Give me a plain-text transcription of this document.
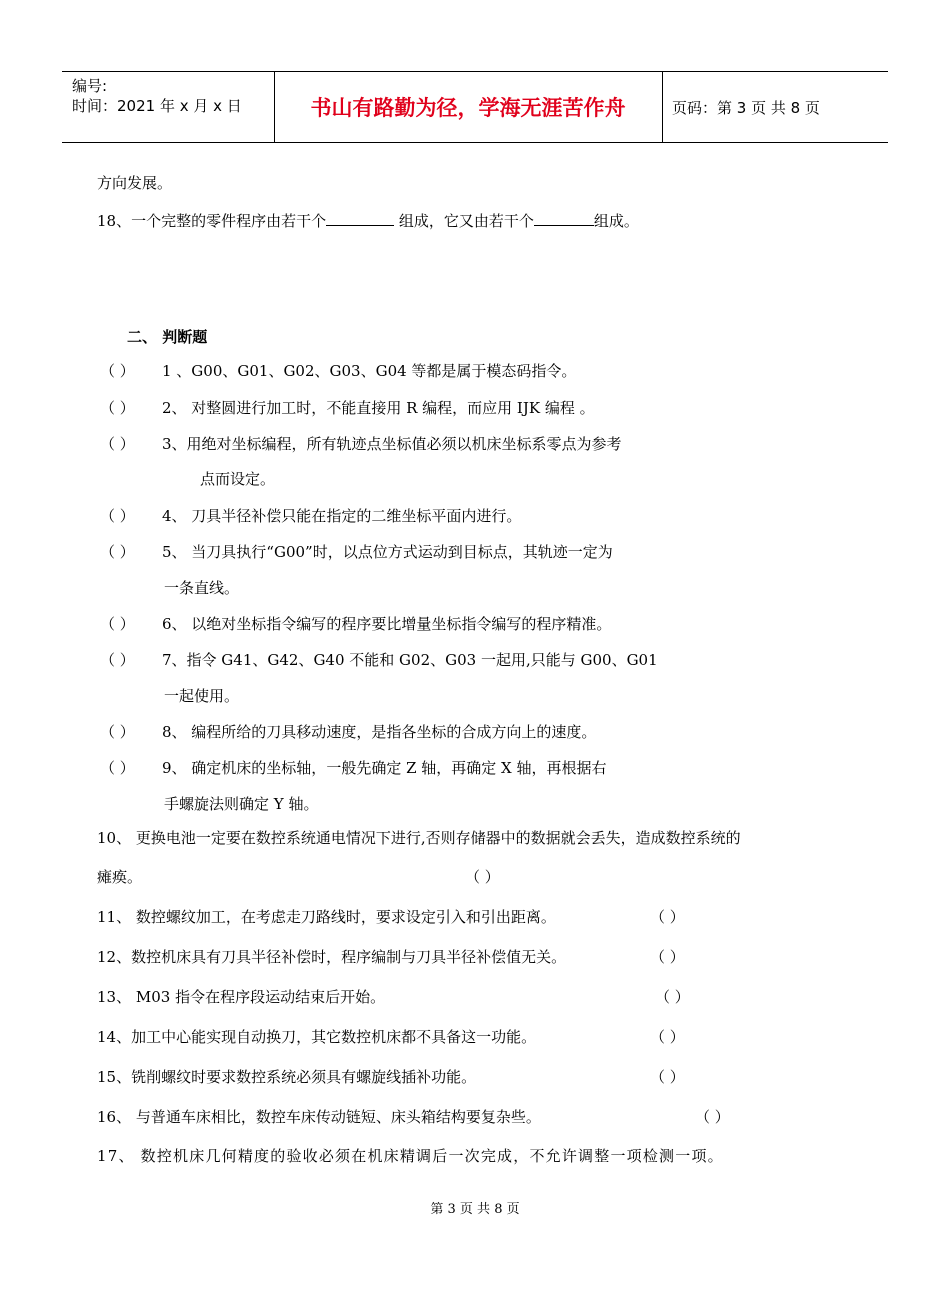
编号:
时间：2021 年 x 月 x 日	书山有路勤为径，学海无涯苦作舟	页码：第 3 页 共 8 页
方向发展。
18、一个完整的零件程序由若干个	组成，它又由若干个	组成。
二、 判断题
（ ） 1 、G00、G01、G02、G03、G04 等都是属于模态码指令。
（ ） 2、 对整圆进行加工时，不能直接用 R 编程，而应用 IJK 编程 。
（ ） 3、用绝对坐标编程，所有轨迹点坐标值必须以机床坐标系零点为参考
点而设定。
（ ） 4、 刀具半径补偿只能在指定的二维坐标平面内进行。
（ ） 5、 当刀具执行“G00”时，以点位方式运动到目标点，其轨迹一定为
一条直线。
（ ） 6、 以绝对坐标指令编写的程序要比增量坐标指令编写的程序精准。
（ ） 7、指令 G41、G42、G40 不能和 G02、G03 一起用,只能与 G00、G01
一起使用。
（ ） 8、 编程所给的刀具移动速度，是指各坐标的合成方向上的速度。
（ ） 9、 确定机床的坐标轴，一般先确定 Z 轴，再确定 X 轴，再根据右
手螺旋法则确定 Y 轴。
10、 更换电池一定要在数控系统通电情况下进行,否则存储器中的数据就会丢失，造成数控系统的
瘫痪。	（ ）
11、 数控螺纹加工，在考虑走刀路线时，要求设定引入和引出距离。	（ ）
12、数控机床具有刀具半径补偿时，程序编制与刀具半径补偿值无关。	（ ）
13、 M03 指令在程序段运动结束后开始。	（ ）
14、加工中心能实现自动换刀，其它数控机床都不具备这一功能。	（ ）
15、铣削螺纹时要求数控系统必须具有螺旋线插补功能。	（ ）
16、 与普通车床相比，数控车床传动链短、床头箱结构要复杂些。	（ ）
17、 数控机床几何精度的验收必须在机床精调后一次完成，不允许调整一项检测一项。
第 3 页 共 8 页
